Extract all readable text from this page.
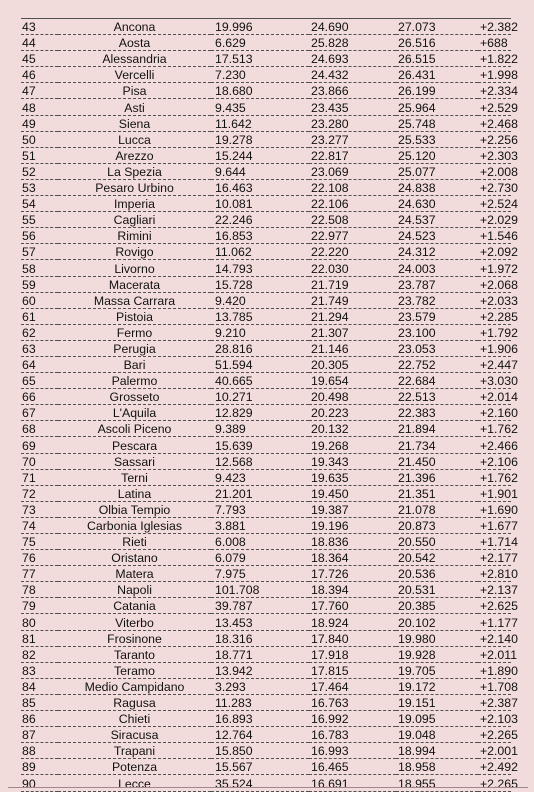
43	Ancona	19.996	24.690	27.073	+2.382
44	Aosta	6.629	25.828	26.516	+688
45	Alessandria	17.513	24.693	26.515	+1.822
46	Vercelli	7.230	24.432	26.431	+1.998
47	Pisa	18.680	23.866	26.199	+2.334
48	Asti	9.435	23.435	25.964	+2.529
49	Siena	11.642	23.280	25.748	+2.468
50	Lucca	19.278	23.277	25.533	+2.256
51	Arezzo	15.244	22.817	25.120	+2.303
52	La Spezia	9.644	23.069	25.077	+2.008
53	Pesaro Urbino	16.463	22.108	24.838	+2.730
54	Imperia	10.081	22.106	24.630	+2.524
55	Cagliari	22.246	22.508	24.537	+2.029
56	Rimini	16.853	22.977	24.523	+1.546
57	Rovigo	11.062	22.220	24.312	+2.092
58	Livorno	14.793	22.030	24.003	+1.972
59	Macerata	15.728	21.719	23.787	+2.068
60	Massa Carrara	9.420	21.749	23.782	+2.033
61	Pistoia	13.785	21.294	23.579	+2.285
62	Fermo	9.210	21.307	23.100	+1.792
63	Perugia	28.816	21.146	23.053	+1.906
64	Bari	51.594	20.305	22.752	+2.447
65	Palermo	40.665	19.654	22.684	+3.030
66	Grosseto	10.271	20.498	22.513	+2.014
67	L'Aquila	12.829	20.223	22.383	+2.160
68	Ascoli Piceno	9.389	20.132	21.894	+1.762
69	Pescara	15.639	19.268	21.734	+2.466
70	Sassari	12.568	19.343	21.450	+2.106
71	Terni	9.423	19.635	21.396	+1.762
72	Latina	21.201	19.450	21.351	+1.901
73	Olbia Tempio	7.793	19.387	21.078	+1.690
74	Carbonia Iglesias	3.881	19.196	20.873	+1.677
75	Rieti	6.008	18.836	20.550	+1.714
76	Oristano	6.079	18.364	20.542	+2.177
77	Matera	7.975	17.726	20.536	+2.810
78	Napoli	101.708	18.394	20.531	+2.137
79	Catania	39.787	17.760	20.385	+2.625
80	Viterbo	13.453	18.924	20.102	+1.177
81	Frosinone	18.316	17.840	19.980	+2.140
82	Taranto	18.771	17.918	19.928	+2.011
83	Teramo	13.942	17.815	19.705	+1.890
84	Medio Campidano	3.293	17.464	19.172	+1.708
85	Ragusa	11.283	16.763	19.151	+2.387
86	Chieti	16.893	16.992	19.095	+2.103
87	Siracusa	12.764	16.783	19.048	+2.265
88	Trapani	15.850	16.993	18.994	+2.001
89	Potenza	15.567	16.465	18.958	+2.492
90	Lecce	35.524	16.691	18.955	+2.265
